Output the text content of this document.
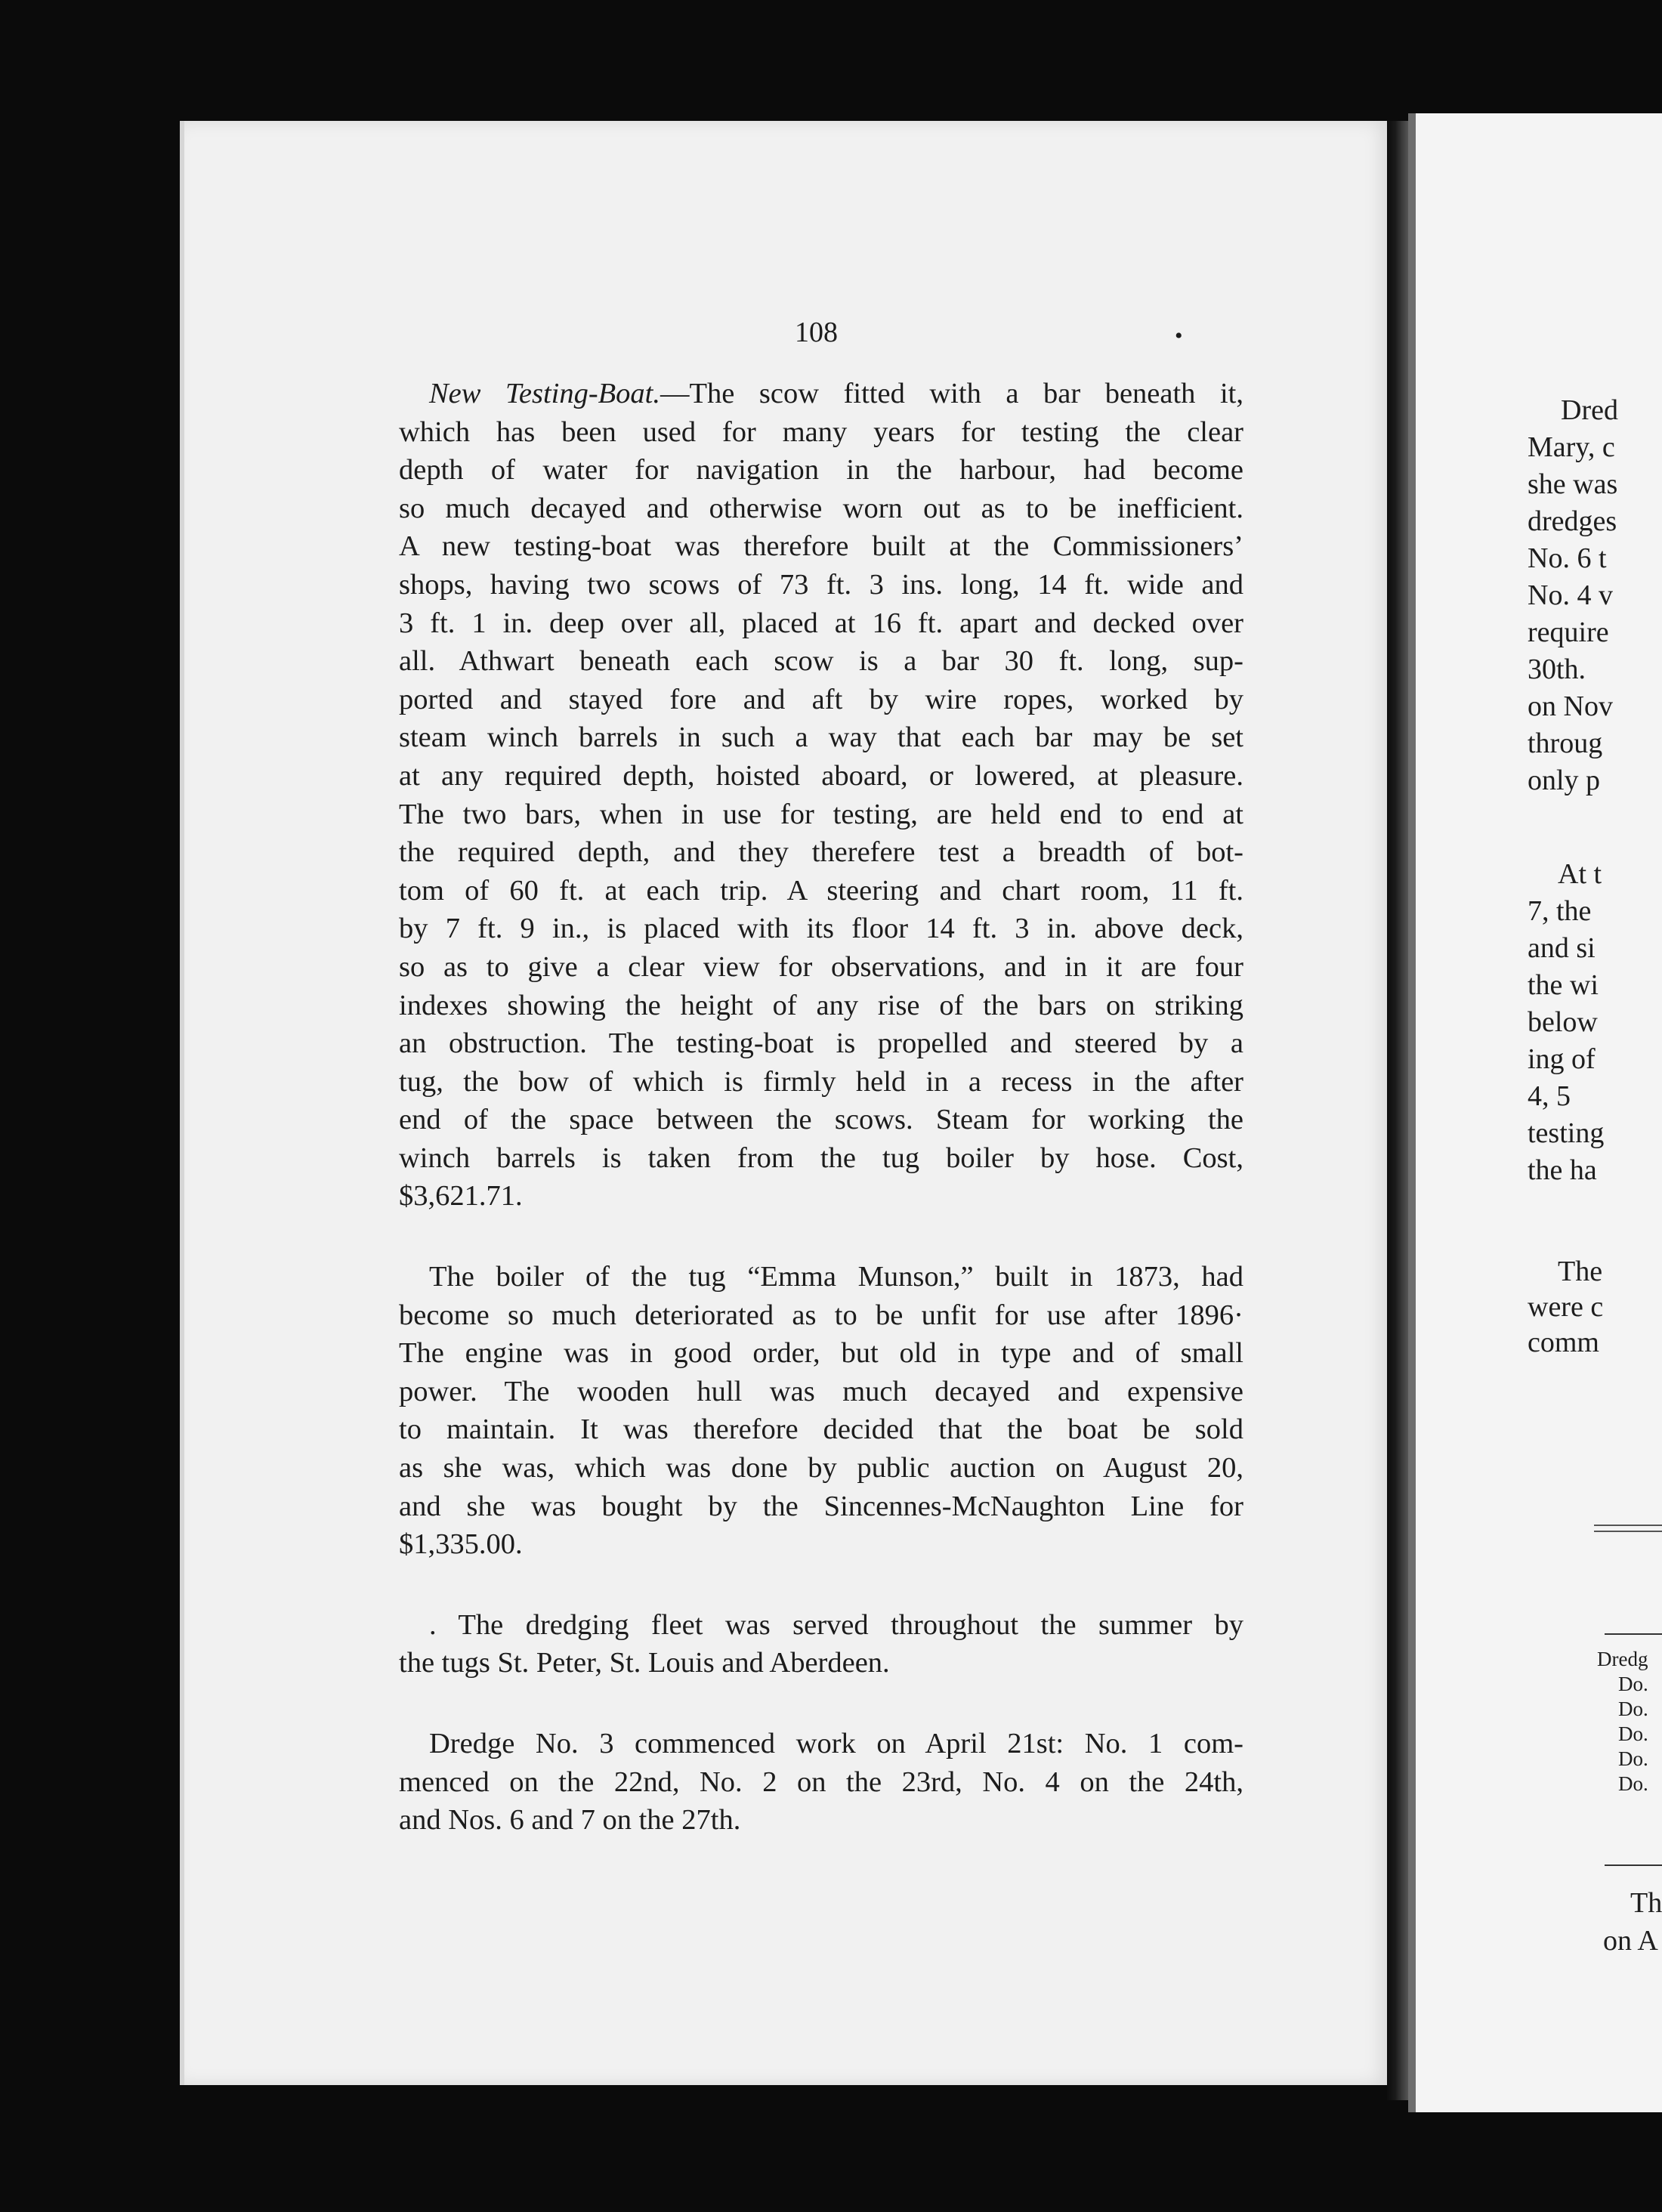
Dred
Mary, c
she was
dredges
No. 6 t
No. 4 v
require
30th.
on Nov
throug
only p
At t
7, the
and si
the wi
below
ing of
4, 5
testing
the ha
The
were c
comm
Dredg
Do.
Do.
Do.
Do.
Do.
Th
on A
108	•

New Testing-Boat.—The scow fitted with a bar beneath it,
which has been used for many years for testing the clear
depth of water for navigation in the harbour, had become
so much decayed and otherwise worn out as to be inefficient.
A new testing-boat was therefore built at the Commissioners’
shops, having two scows of 73 ft. 3 ins. long, 14 ft. wide and
3 ft. 1 in. deep over all, placed at 16 ft. apart and decked over
all. Athwart beneath each scow is a bar 30 ft. long, sup-
ported and stayed fore and aft by wire ropes, worked by
steam winch barrels in such a way that each bar may be set
at any required depth, hoisted aboard, or lowered, at pleasure.
The two bars, when in use for testing, are held end to end at
the required depth, and they therefere test a breadth of bot-
tom of 60 ft. at each trip. A steering and chart room, 11 ft.
by 7 ft. 9 in., is placed with its floor 14 ft. 3 in. above deck,
so as to give a clear view for observations, and in it are four
indexes showing the height of any rise of the bars on striking
an obstruction. The testing-boat is propelled and steered by a
tug, the bow of which is firmly held in a recess in the after
end of the space between the scows. Steam for working the
winch barrels is taken from the tug boiler by hose. Cost,
$3,621.71.

The boiler of the tug “Emma Munson,” built in 1873, had
become so much deteriorated as to be unfit for use after 1896·
The engine was in good order, but old in type and of small
power. The wooden hull was much decayed and expensive
to maintain. It was therefore decided that the boat be sold
as she was, which was done by public auction on August 20,
and she was bought by the Sincennes-McNaughton Line for
$1,335.00.

. The dredging fleet was served throughout the summer by
the tugs St. Peter, St. Louis and Aberdeen.

Dredge No. 3 commenced work on April 21st: No. 1 com-
menced on the 22nd, No. 2 on the 23rd, No. 4 on the 24th,
and Nos. 6 and 7 on the 27th.
